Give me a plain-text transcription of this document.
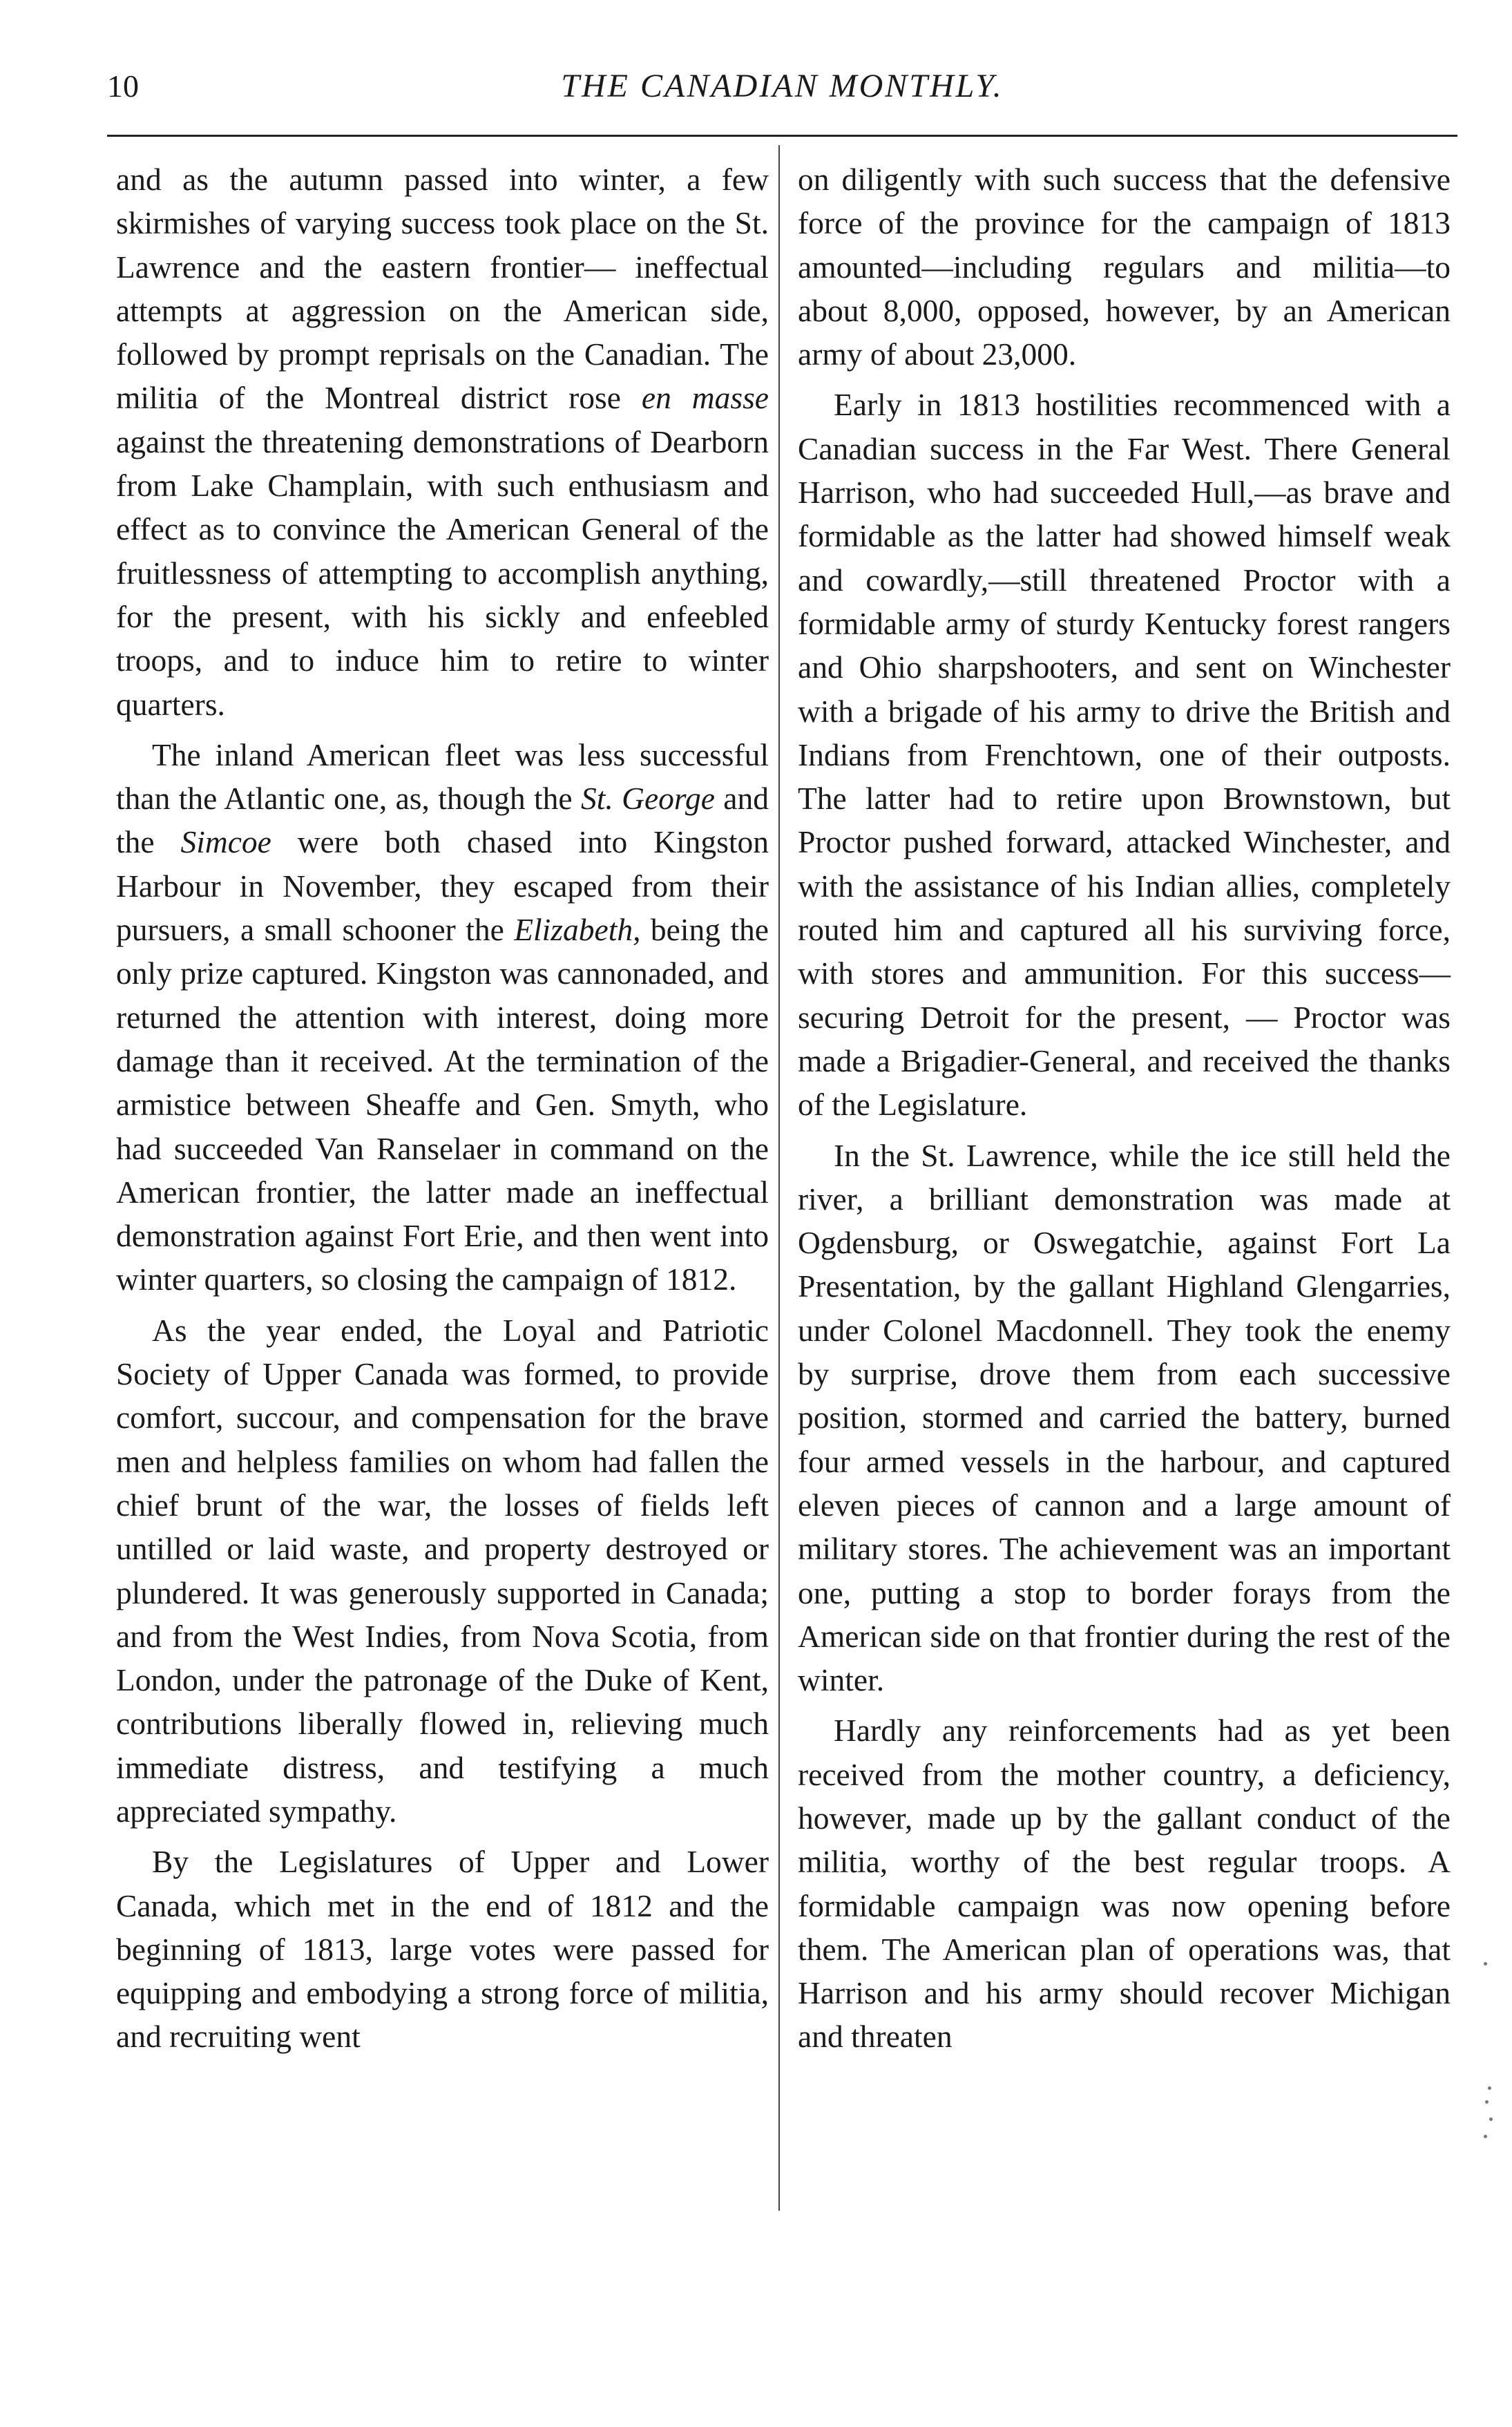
10	THE CANADIAN MONTHLY.

and as the autumn passed into winter, a few skirmishes of varying success took place on the St. Lawrence and the eastern frontier— ineffectual attempts at aggression on the American side, followed by prompt reprisals on the Canadian. The militia of the Montreal district rose en masse against the threatening demonstrations of Dearborn from Lake Champlain, with such enthusiasm and effect as to convince the American General of the fruitlessness of attempting to accomplish anything, for the present, with his sickly and enfeebled troops, and to induce him to retire to winter quarters.

The inland American fleet was less successful than the Atlantic one, as, though the St. George and the Simcoe were both chased into Kingston Harbour in November, they escaped from their pursuers, a small schooner the Elizabeth, being the only prize captured. Kingston was cannonaded, and returned the attention with interest, doing more damage than it received. At the termination of the armistice between Sheaffe and Gen. Smyth, who had succeeded Van Ranselaer in command on the American frontier, the latter made an ineffectual demonstration against Fort Erie, and then went into winter quarters, so closing the campaign of 1812.

As the year ended, the Loyal and Patriotic Society of Upper Canada was formed, to provide comfort, succour, and compensation for the brave men and helpless families on whom had fallen the chief brunt of the war, the losses of fields left untilled or laid waste, and property destroyed or plundered. It was generously supported in Canada; and from the West Indies, from Nova Scotia, from London, under the patronage of the Duke of Kent, contributions liberally flowed in, relieving much immediate distress, and testifying a much appreciated sympathy.

By the Legislatures of Upper and Lower Canada, which met in the end of 1812 and the beginning of 1813, large votes were passed for equipping and embodying a strong force of militia, and recruiting went

on diligently with such success that the defensive force of the province for the campaign of 1813 amounted—including regulars and militia—to about 8,000, opposed, however, by an American army of about 23,000.

Early in 1813 hostilities recommenced with a Canadian success in the Far West. There General Harrison, who had succeeded Hull,—as brave and formidable as the latter had showed himself weak and cowardly,—still threatened Proctor with a formidable army of sturdy Kentucky forest rangers and Ohio sharpshooters, and sent on Winchester with a brigade of his army to drive the British and Indians from Frenchtown, one of their outposts. The latter had to retire upon Brownstown, but Proctor pushed forward, attacked Winchester, and with the assistance of his Indian allies, completely routed him and captured all his surviving force, with stores and ammunition. For this success—securing Detroit for the present, — Proctor was made a Brigadier-General, and received the thanks of the Legislature.

In the St. Lawrence, while the ice still held the river, a brilliant demonstration was made at Ogdensburg, or Oswegatchie, against Fort La Presentation, by the gallant Highland Glengarries, under Colonel Macdonnell. They took the enemy by surprise, drove them from each successive position, stormed and carried the battery, burned four armed vessels in the harbour, and captured eleven pieces of cannon and a large amount of military stores. The achievement was an important one, putting a stop to border forays from the American side on that frontier during the rest of the winter.

Hardly any reinforcements had as yet been received from the mother country, a deficiency, however, made up by the gallant conduct of the militia, worthy of the best regular troops. A formidable campaign was now opening before them. The American plan of operations was, that Harrison and his army should recover Michigan and threaten
